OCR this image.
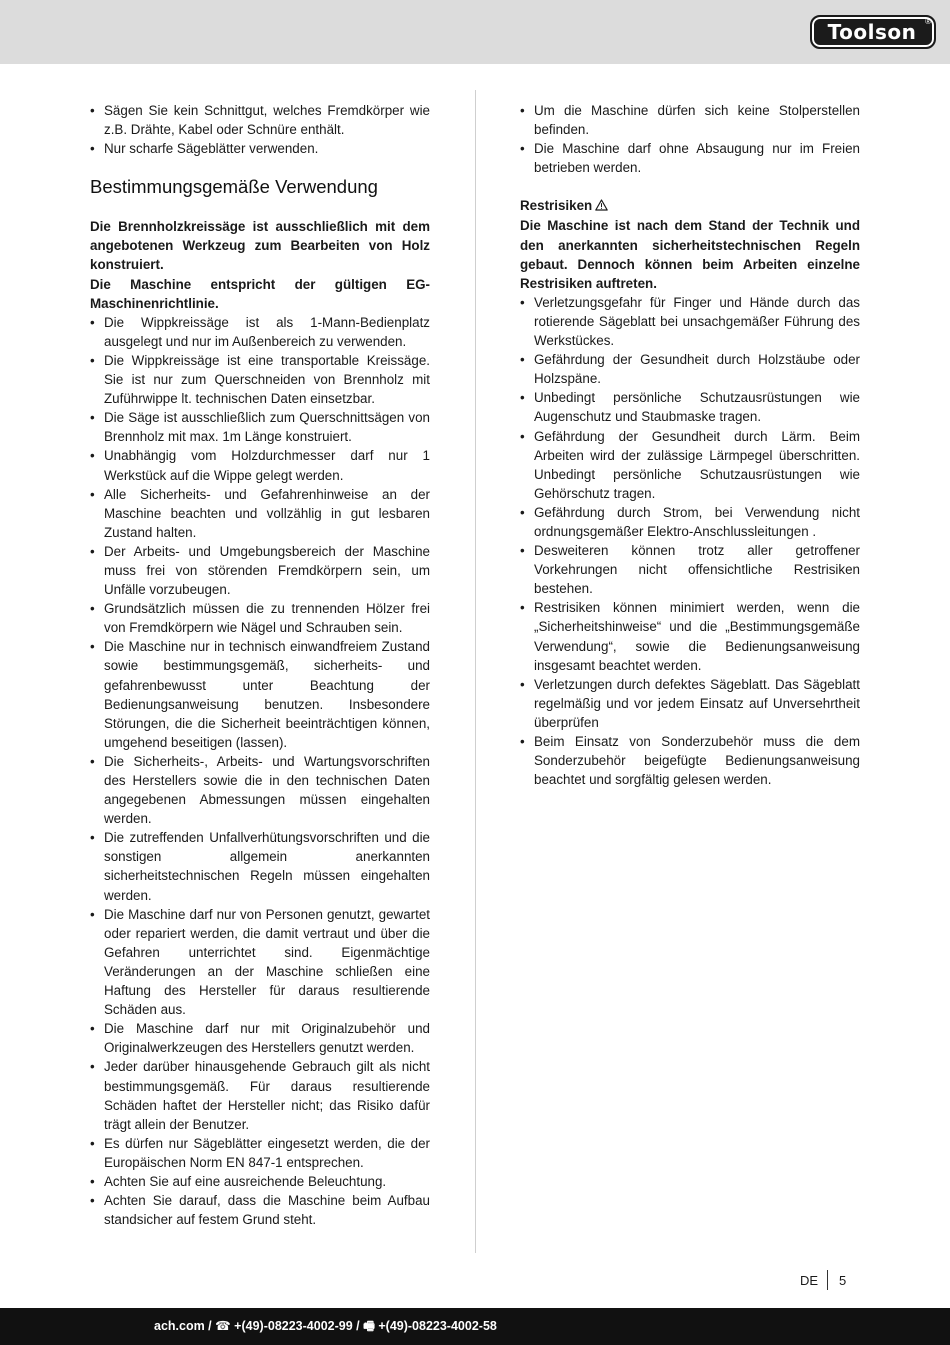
Toolson	®
• Sägen Sie kein Schnittgut, welches Fremdkörper wie z.B. Drähte, Kabel oder Schnüre enthält.
• Nur scharfe Sägeblätter verwenden.
Bestimmungsgemäße Verwendung
Die Brennholzkreissäge ist ausschließlich mit dem angebotenen Werkzeug zum Bearbeiten von Holz konstruiert.
Die Maschine entspricht der gültigen EG-Maschinenrichtlinie.
• Die Wippkreissäge ist als 1-Mann-Bedienplatz ausgelegt und nur im Außenbereich zu verwenden.
• Die Wippkreissäge ist eine transportable Kreissäge. Sie ist nur zum Querschneiden von Brennholz mit Zuführwippe lt. technischen Daten einsetzbar.
• Die Säge ist ausschließlich zum Querschnittsägen von Brennholz mit max. 1m Länge konstruiert.
• Unabhängig vom Holzdurchmesser darf nur 1 Werkstück auf die Wippe gelegt werden.
• Alle Sicherheits- und Gefahrenhinweise an der Maschine beachten und vollzählig in gut lesbaren Zustand halten.
• Der Arbeits- und Umgebungsbereich der Maschine muss frei von störenden Fremdkörpern sein, um Unfälle vorzubeugen.
• Grundsätzlich müssen die zu trennenden Hölzer frei von Fremdkörpern wie Nägel und Schrauben sein.
• Die Maschine nur in technisch einwandfreiem Zustand sowie bestimmungsgemäß, sicherheits- und gefahrenbewusst unter Beachtung der Bedienungsanweisung benutzen. Insbesondere Störungen, die die Sicherheit beeinträchtigen können, umgehend beseitigen (lassen).
• Die Sicherheits-, Arbeits- und Wartungsvorschriften des Herstellers sowie die in den technischen Daten angegebenen Abmessungen müssen eingehalten werden.
• Die zutreffenden Unfallverhütungsvorschriften und die sonstigen allgemein anerkannten sicherheitstechnischen Regeln müssen eingehalten werden.
• Die Maschine darf nur von Personen genutzt, gewartet oder repariert werden, die damit vertraut und über die Gefahren unterrichtet sind. Eigenmächtige Veränderungen an der Maschine schließen eine Haftung des Hersteller für daraus resultierende Schäden aus.
• Die Maschine darf nur mit Originalzubehör und Originalwerkzeugen des Herstellers genutzt werden.
• Jeder darüber hinausgehende Gebrauch gilt als nicht bestimmungsgemäß. Für daraus resultierende Schäden haftet der Hersteller nicht; das Risiko dafür trägt allein der Benutzer.
• Es dürfen nur Sägeblätter eingesetzt werden, die der Europäischen Norm EN 847-1 entsprechen.
• Achten Sie auf eine ausreichende Beleuchtung.
• Achten Sie darauf, dass die Maschine beim Aufbau standsicher auf festem Grund steht.
• Um die Maschine dürfen sich keine Stolperstellen befinden.
• Die Maschine darf ohne Absaugung nur im Freien betrieben werden.
Restrisiken
Die Maschine ist nach dem Stand der Technik und den anerkannten sicherheitstechnischen Regeln gebaut. Dennoch können beim Arbeiten einzelne Restrisiken auftreten.
• Verletzungsgefahr für Finger und Hände durch das rotierende Sägeblatt bei unsachgemäßer Führung des Werkstückes.
• Gefährdung der Gesundheit durch Holzstäube oder Holzspäne.
• Unbedingt persönliche Schutzausrüstungen wie Augenschutz und Staubmaske tragen.
• Gefährdung der Gesundheit durch Lärm. Beim Arbeiten wird der zulässige Lärmpegel überschritten. Unbedingt persönliche Schutzausrüstungen wie Gehörschutz tragen.
• Gefährdung durch Strom, bei Verwendung nicht ordnungsgemäßer Elektro-Anschlussleitungen .
• Desweiteren können trotz aller getroffener Vorkehrungen nicht offensichtliche Restrisiken bestehen.
• Restrisiken können minimiert werden, wenn die „Sicherheitshinweise“ und die „Bestimmungsgemäße Verwendung“, sowie die Bedienungsanweisung insgesamt beachtet werden.
• Verletzungen durch defektes Sägeblatt. Das Sägeblatt regelmäßig und vor jedem Einsatz auf Unversehrtheit überprüfen
• Beim Einsatz von Sonderzubehör muss die dem Sonderzubehör beigefügte Bedienungsanweisung beachtet und sorgfältig gelesen werden.
DE 5
ach.com / ☎ +(49)-08223-4002-99 / 🖷 +(49)-08223-4002-58
